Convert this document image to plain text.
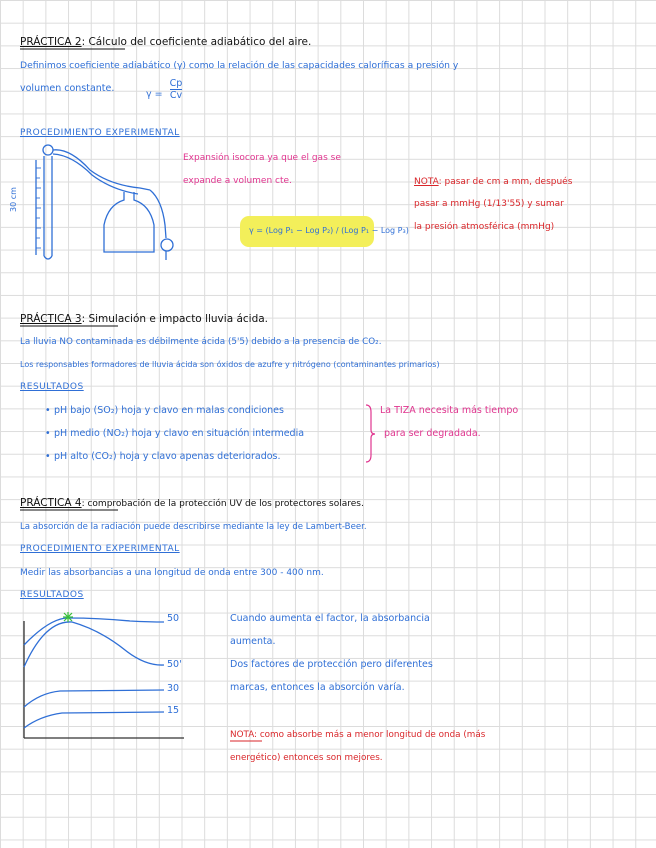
PRÁCTICA 2: Cálculo del coeficiente adiabático del aire.
Definimos coeficiente adiabático (γ) como la relación de las capacidades caloríficas a presión y
volumen constante.
$\gamma = \frac{Cp}{Cv}$
PROCEDIMIENTO EXPERIMENTAL
Expansión isocora ya que el gas se
expande a volumen cte.
γ = (Log P₁ − Log P₂) / (Log P₁ − Log P₃)
NOTA: pasar de cm a mm, después
pasar a mmHg (1/13'55) y sumar
la presión atmosférica (mmHg)
30 cm
PRÁCTICA 3: Simulación e impacto lluvia ácida.
La lluvia NO contaminada es débilmente ácida (5'5) debido a la presencia de CO₂.
Los responsables formadores de lluvia ácida son óxidos de azufre y nitrógeno (contaminantes primarios)
RESULTADOS
• pH bajo (SO₂) hoja y clavo en malas condiciones
• pH medio (NO₂) hoja y clavo en situación intermedia
• pH alto (CO₂) hoja y clavo apenas deteriorados.
La TIZA necesita más tiempo
para ser degradada.
PRÁCTICA 4: comprobación de la protección UV de los protectores solares.
La absorción de la radiación puede describirse mediante la ley de Lambert-Beer.
PROCEDIMIENTO EXPERIMENTAL
Medir las absorbancias a una longitud de onda entre 300 - 400 nm.
RESULTADOS
50
50'
30
15
Cuando aumenta el factor, la absorbancia
aumenta.
Dos factores de protección pero diferentes
marcas, entonces la absorción varía.
NOTA: como absorbe más a menor longitud de onda (más
energético) entonces son mejores.
